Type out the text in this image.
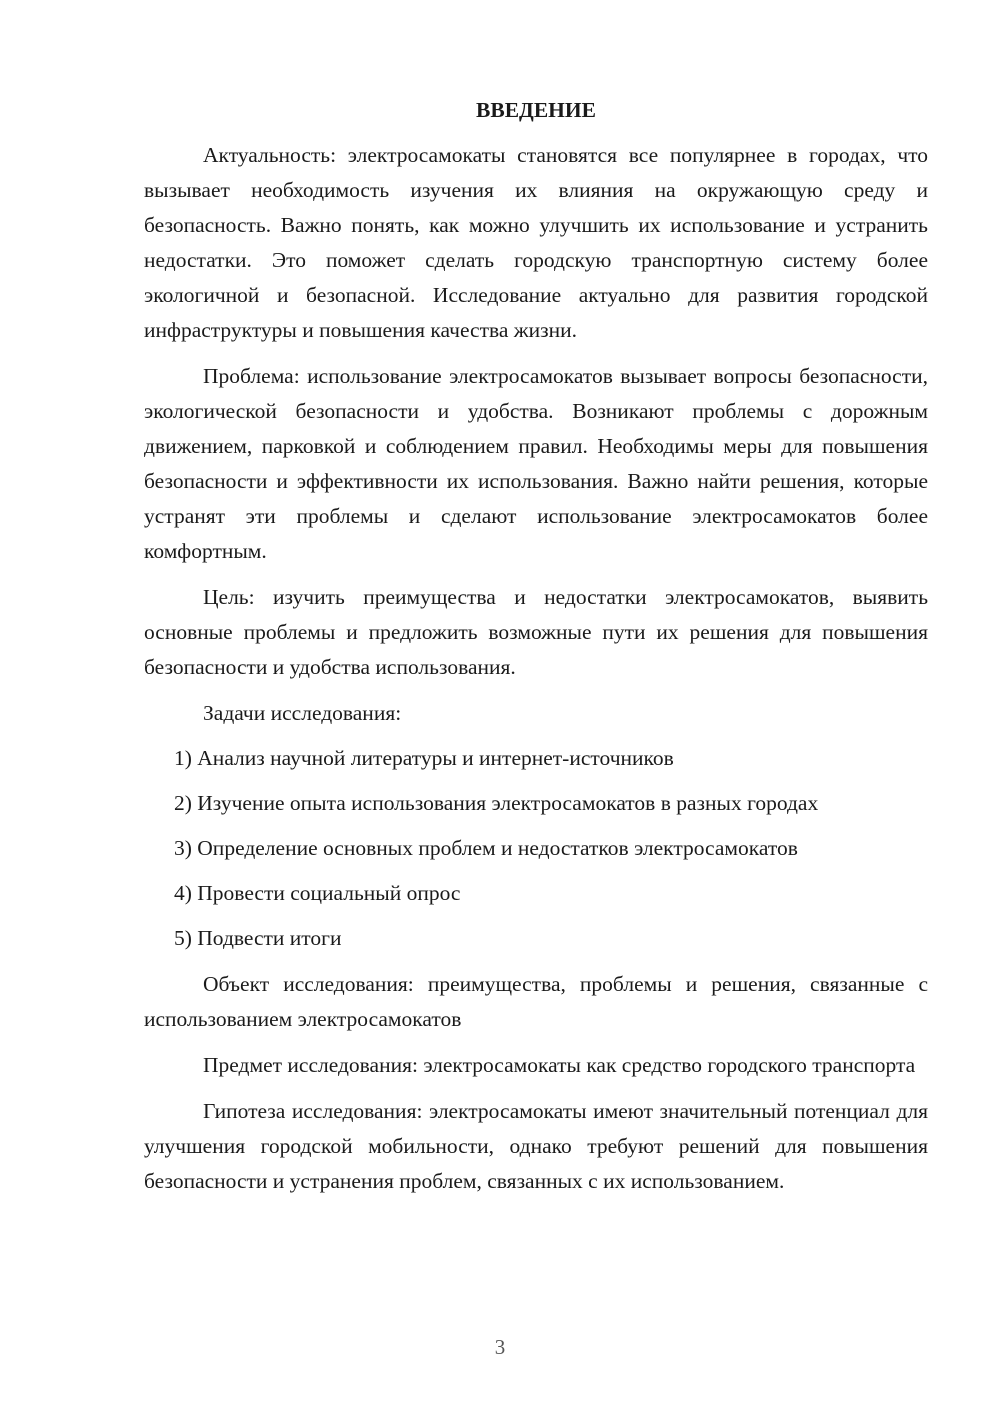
ВВЕДЕНИЕ

Актуальность: электросамокаты становятся все популярнее в городах, что вызывает необходимость изучения их влияния на окружающую среду и безопасность. Важно понять, как можно улучшить их использование и устранить недостатки. Это поможет сделать городскую транспортную систему более экологичной и безопасной. Исследование актуально для развития городской инфраструктуры и повышения качества жизни.

Проблема: использование электросамокатов вызывает вопросы безопасности, экологической безопасности и удобства. Возникают проблемы с дорожным движением, парковкой и соблюдением правил. Необходимы меры для повышения безопасности и эффективности их использования. Важно найти решения, которые устранят эти проблемы и сделают использование электросамокатов более комфортным.

Цель: изучить преимущества и недостатки электросамокатов, выявить основные проблемы и предложить возможные пути их решения для повышения безопасности и удобства использования.

Задачи исследования:

1) Анализ научной литературы и интернет-источников
2) Изучение опыта использования электросамокатов в разных городах
3) Определение основных проблем и недостатков электросамокатов
4) Провести социальный опрос
5) Подвести итоги

Объект исследования: преимущества, проблемы и решения, связанные с использованием электросамокатов

Предмет исследования: электросамокаты как средство городского транспорта

Гипотеза исследования: электросамокаты имеют значительный потенциал для улучшения городской мобильности, однако требуют решений для повышения безопасности и устранения проблем, связанных с их использованием.

3
